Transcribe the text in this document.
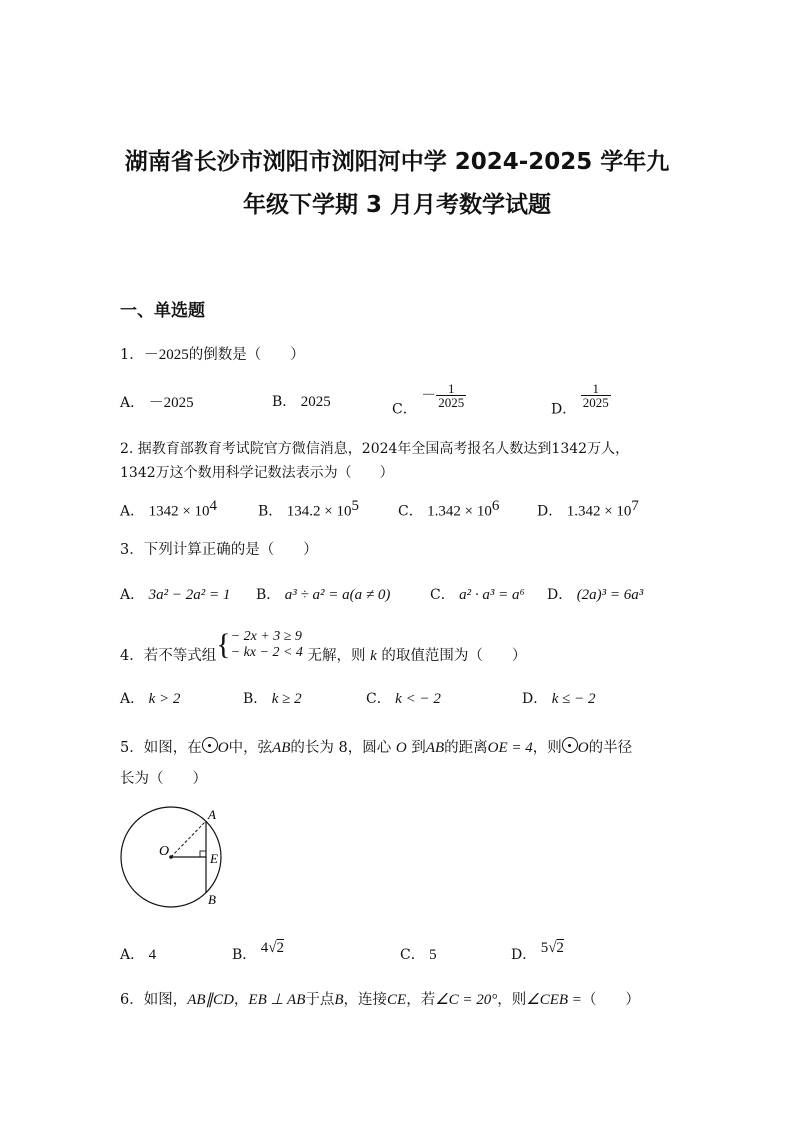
湖南省长沙市浏阳市浏阳河中学 2024-2025 学年九
年级下学期 3 月月考数学试题
一、单选题
1．－2025的倒数是（　　）
A． －2025	B． 2025	C． － $\frac{1}{2025}$
D．
$\frac{1}{2025}$
2. 据教育部教育考试院官方微信消息，2024年全国高考报名人数达到1342万人，
1342万这个数用科学记数法表示为（　　）
A． $1342 \times 10^4$	B． $134.2 \times 10^5$	C． $1.342 \times 10^6$	D． $1.342 \times 10^7$
3．下列计算正确的是（　　）
A． 3a² − 2a² = 1 B． a³ ÷ a² = a(a ≠ 0)	C． a² · a³ = a⁶ D． (2a)³ = 6a³
4．若不等式组{ − 2x + 3 ≥ 9
− kx − 2 < 4 无解，则 k 的取值范围为（　　）
A． k > 2	B． k ≥ 2	C． k < − 2	D． k ≤ − 2
5．如图，在 O中，弦AB的长为 8，圆心 O 到AB的距离OE = 4，则 O的半径
长为（　　）
A
B
O	E
A． 4	B． 4√2	C． 5	D． 5√2
6．如图，AB∥CD，EB ⊥ AB于点B，连接CE，若∠C = 20°，则∠CEB =（　　）
